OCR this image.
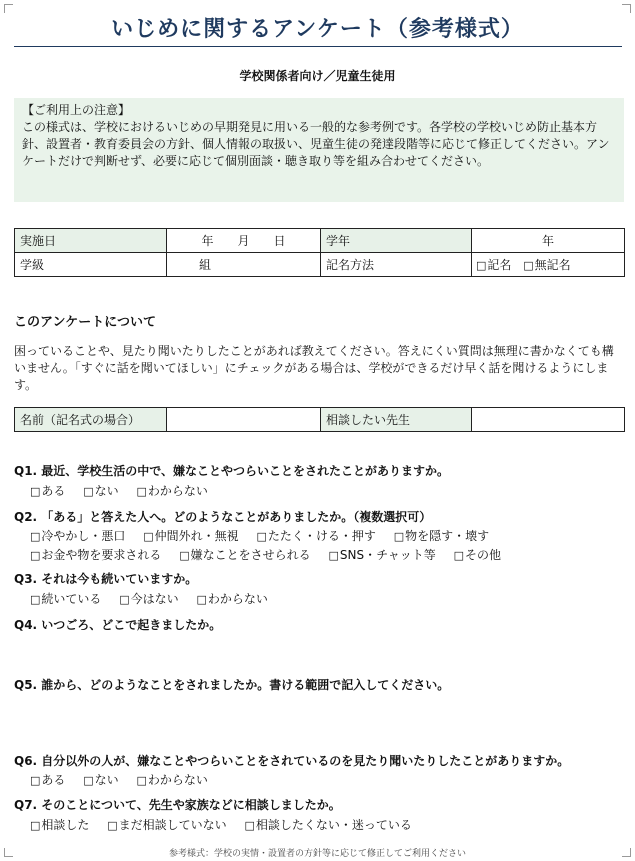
いじめに関するアンケート（参考様式）
学校関係者向け／児童生徒用
【ご利用上の注意】
この様式は、学校におけるいじめの早期発見に用いる一般的な参考例です。各学校の学校いじめ防止基本方針、設置者・教育委員会の方針、個人情報の取扱い、児童生徒の発達段階等に応じて修正してください。アンケートだけで判断せず、必要に応じて個別面談・聴き取り等を組み合わせてください。
実施日	年　　月　　日	学年	年
学級	組	記名方法	□記名 □無記名
このアンケートについて
困っていることや、見たり聞いたりしたことがあれば教えてください。答えにくい質問は無理に書かなくても構いません。「すぐに話を聞いてほしい」にチェックがある場合は、学校ができるだけ早く話を聞けるようにします。
名前（記名式の場合）		相談したい先生	
Q1. 最近、学校生活の中で、嫌なことやつらいことをされたことがありますか。
□ある □ない □わからない
Q2. 「ある」と答えた人へ。どのようなことがありましたか。（複数選択可）
□冷やかし・悪口 □仲間外れ・無視 □たたく・ける・押す □物を隠す・壊す □お金や物を要求される □嫌なことをさせられる □SNS・チャット等 □その他
Q3. それは今も続いていますか。
□続いている □今はない □わからない
Q4. いつごろ、どこで起きましたか。
Q5. 誰から、どのようなことをされましたか。書ける範囲で記入してください。
Q6. 自分以外の人が、嫌なことやつらいことをされているのを見たり聞いたりしたことがありますか。
□ある □ない □わからない
Q7. そのことについて、先生や家族などに相談しましたか。
□相談した □まだ相談していない □相談したくない・迷っている
参考様式：学校の実情・設置者の方針等に応じて修正してご利用ください
